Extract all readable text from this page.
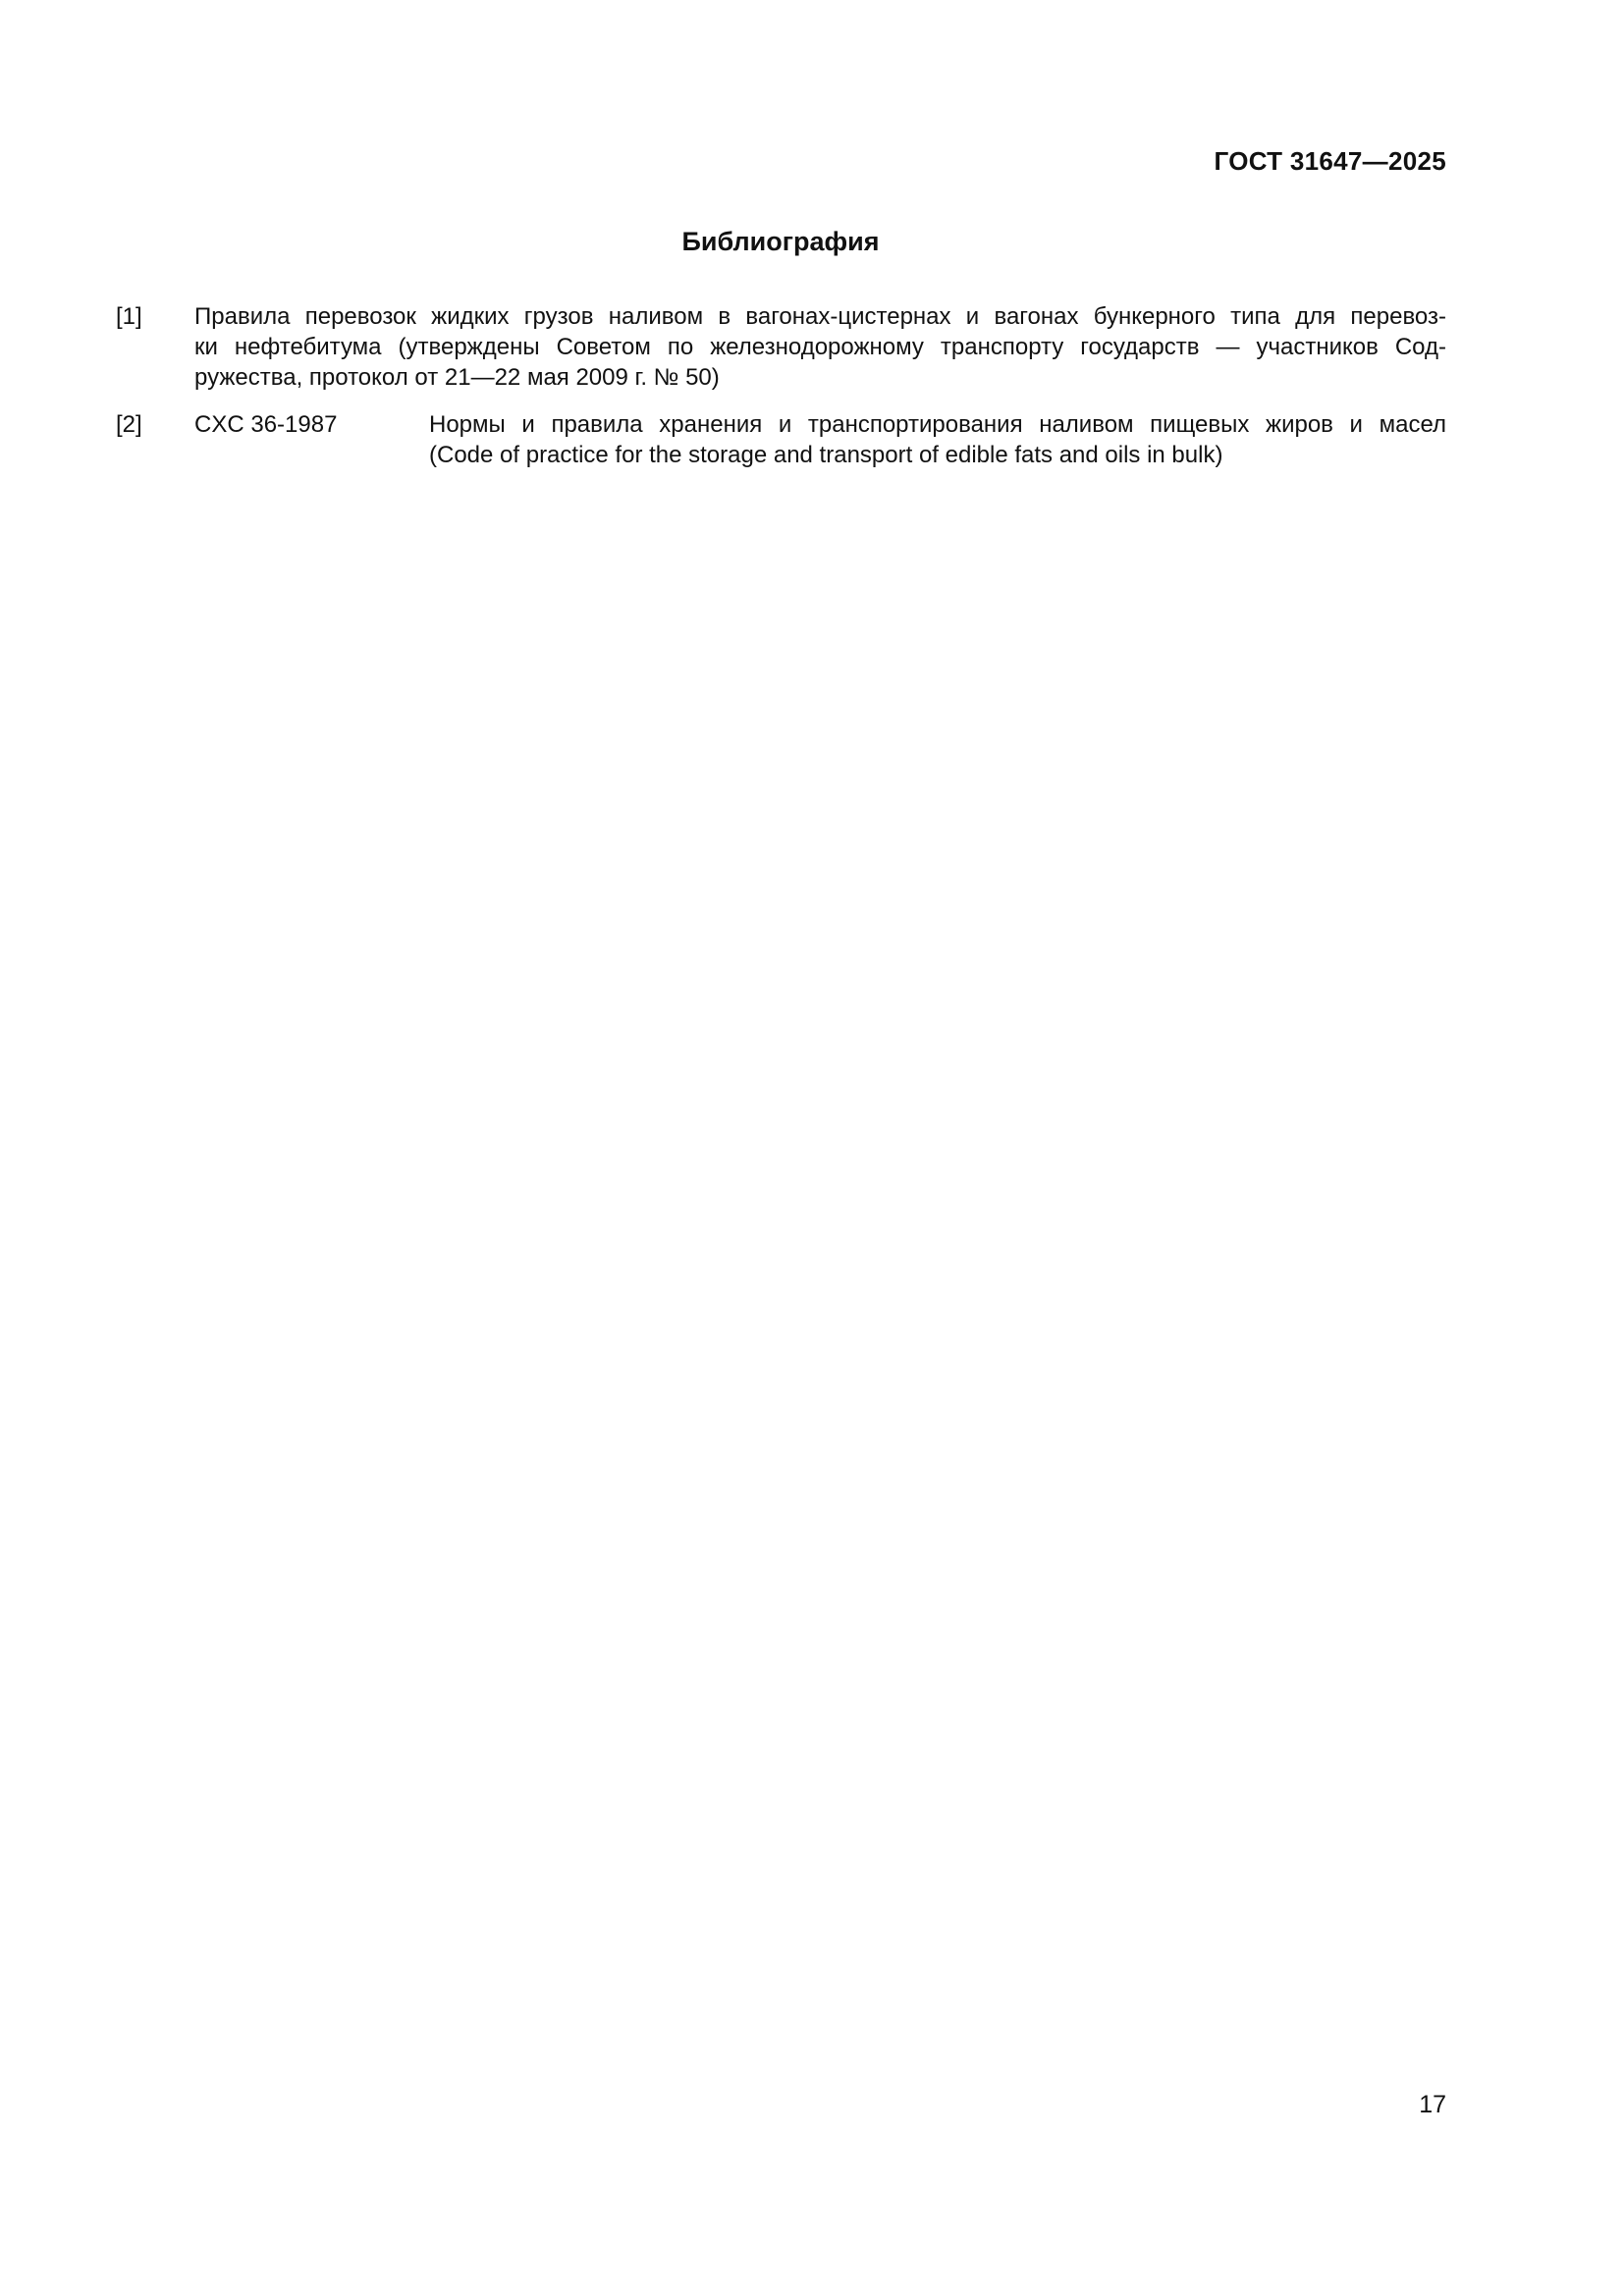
ГОСТ 31647—2025
Библиография
[1] Правила перевозок жидких грузов наливом в вагонах-цистернах и вагонах бункерного типа для перевоз-
ки нефтебитума (утверждены Советом по железнодорожному транспорту государств — участников Сод-
ружества, протокол от 21—22 мая 2009 г. № 50)
[2] CXC 36-1987	Нормы и правила хранения и транспортирования наливом пищевых жиров и масел
(Code of practice for the storage and transport of edible fats and oils in bulk)
17
